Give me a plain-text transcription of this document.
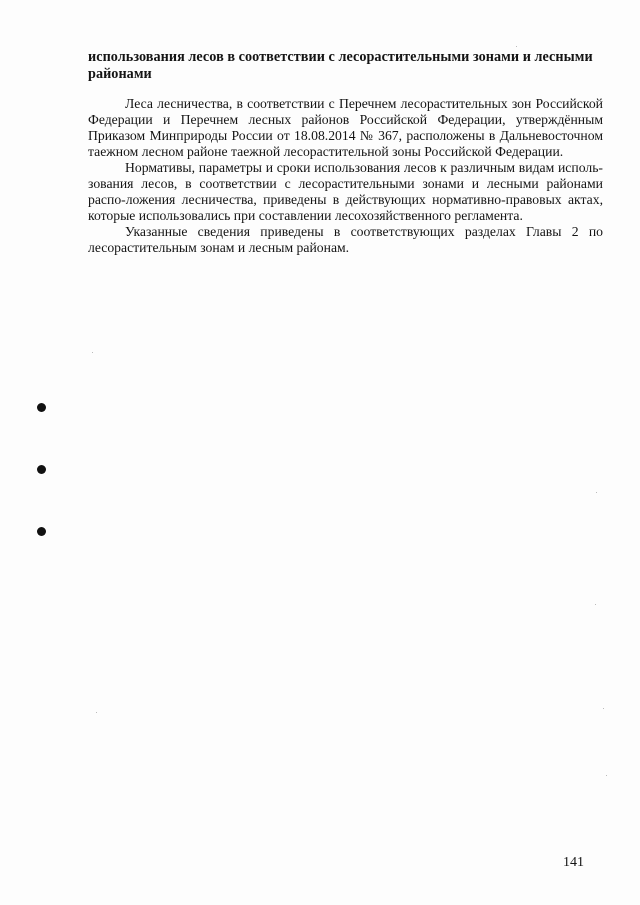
использования лесов в соответствии с лесорастительными зонами и лесными районами

Леса лесничества, в соответствии с Перечнем лесорастительных зон Российской Федерации и Перечнем лесных районов Российской Федерации, утверждённым Приказом Минприроды России от 18.08.2014 № 367, расположены в Дальневосточном таежном лесном районе таежной лесорастительной зоны Российской Федерации.

Нормативы, параметры и сроки использования лесов к различным видам исполь-зования лесов, в соответствии с лесорастительными зонами и лесными районами распо-ложения лесничества, приведены в действующих нормативно-правовых актах, которые использовались при составлении лесохозяйственного регламента.

Указанные сведения приведены в соответствующих разделах Главы 2 по лесорастительным зонам и лесным районам.

141
